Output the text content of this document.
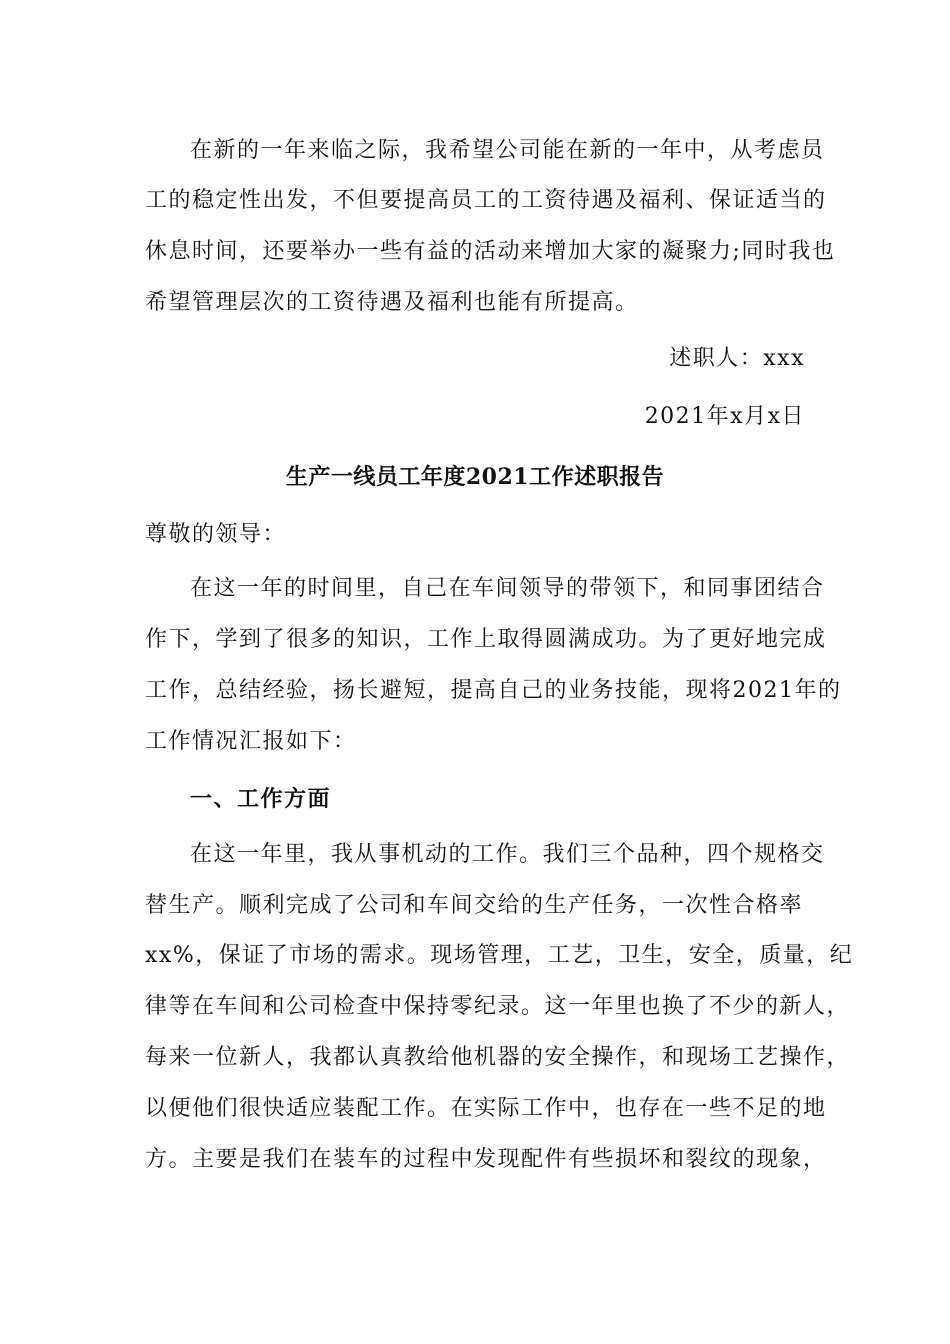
在新的一年来临之际，我希望公司能在新的一年中，从考虑员
工的稳定性出发，不但要提高员工的工资待遇及福利、保证适当的
休息时间，还要举办一些有益的活动来增加大家的凝聚力;同时我也
希望管理层次的工资待遇及福利也能有所提高。
述职人：xxx
2021年x月x日
生产一线员工年度2021工作述职报告
尊敬的领导：
在这一年的时间里，自己在车间领导的带领下，和同事团结合
作下，学到了很多的知识，工作上取得圆满成功。为了更好地完成
工作，总结经验，扬长避短，提高自己的业务技能，现将2021年的
工作情况汇报如下：
一、工作方面
在这一年里，我从事机动的工作。我们三个品种，四个规格交
替生产。顺利完成了公司和车间交给的生产任务，一次性合格率
xx%，保证了市场的需求。现场管理，工艺，卫生，安全，质量，纪
律等在车间和公司检查中保持零纪录。这一年里也换了不少的新人，
每来一位新人，我都认真教给他机器的安全操作，和现场工艺操作，
以便他们很快适应装配工作。在实际工作中，也存在一些不足的地
方。主要是我们在装车的过程中发现配件有些损坏和裂纹的现象，
